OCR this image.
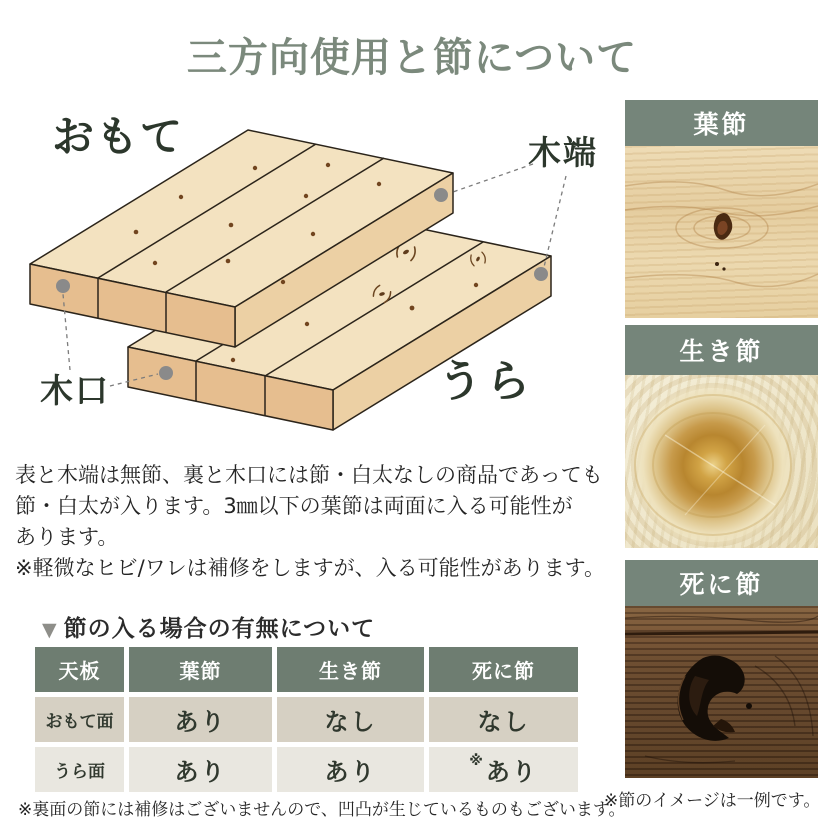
三方向使用と節について
おもて	木端
木口	うら
表と木端は無節、裏と木口には節・白太なしの商品であっても
節・白太が入ります。3㎜以下の葉節は両面に入る可能性が
あります。
※軽微なヒビ/ワレは補修をしますが、入る可能性があります。
▼ 節の入る場合の有無について
天板	葉節	生き節	死に節
おもて面	あり	なし	なし
うら面	あり	あり	※ あり
※裏面の節には補修はございませんので、凹凸が生じているものもございます。
葉節
生き節
死に節
※節のイメージは一例です。
